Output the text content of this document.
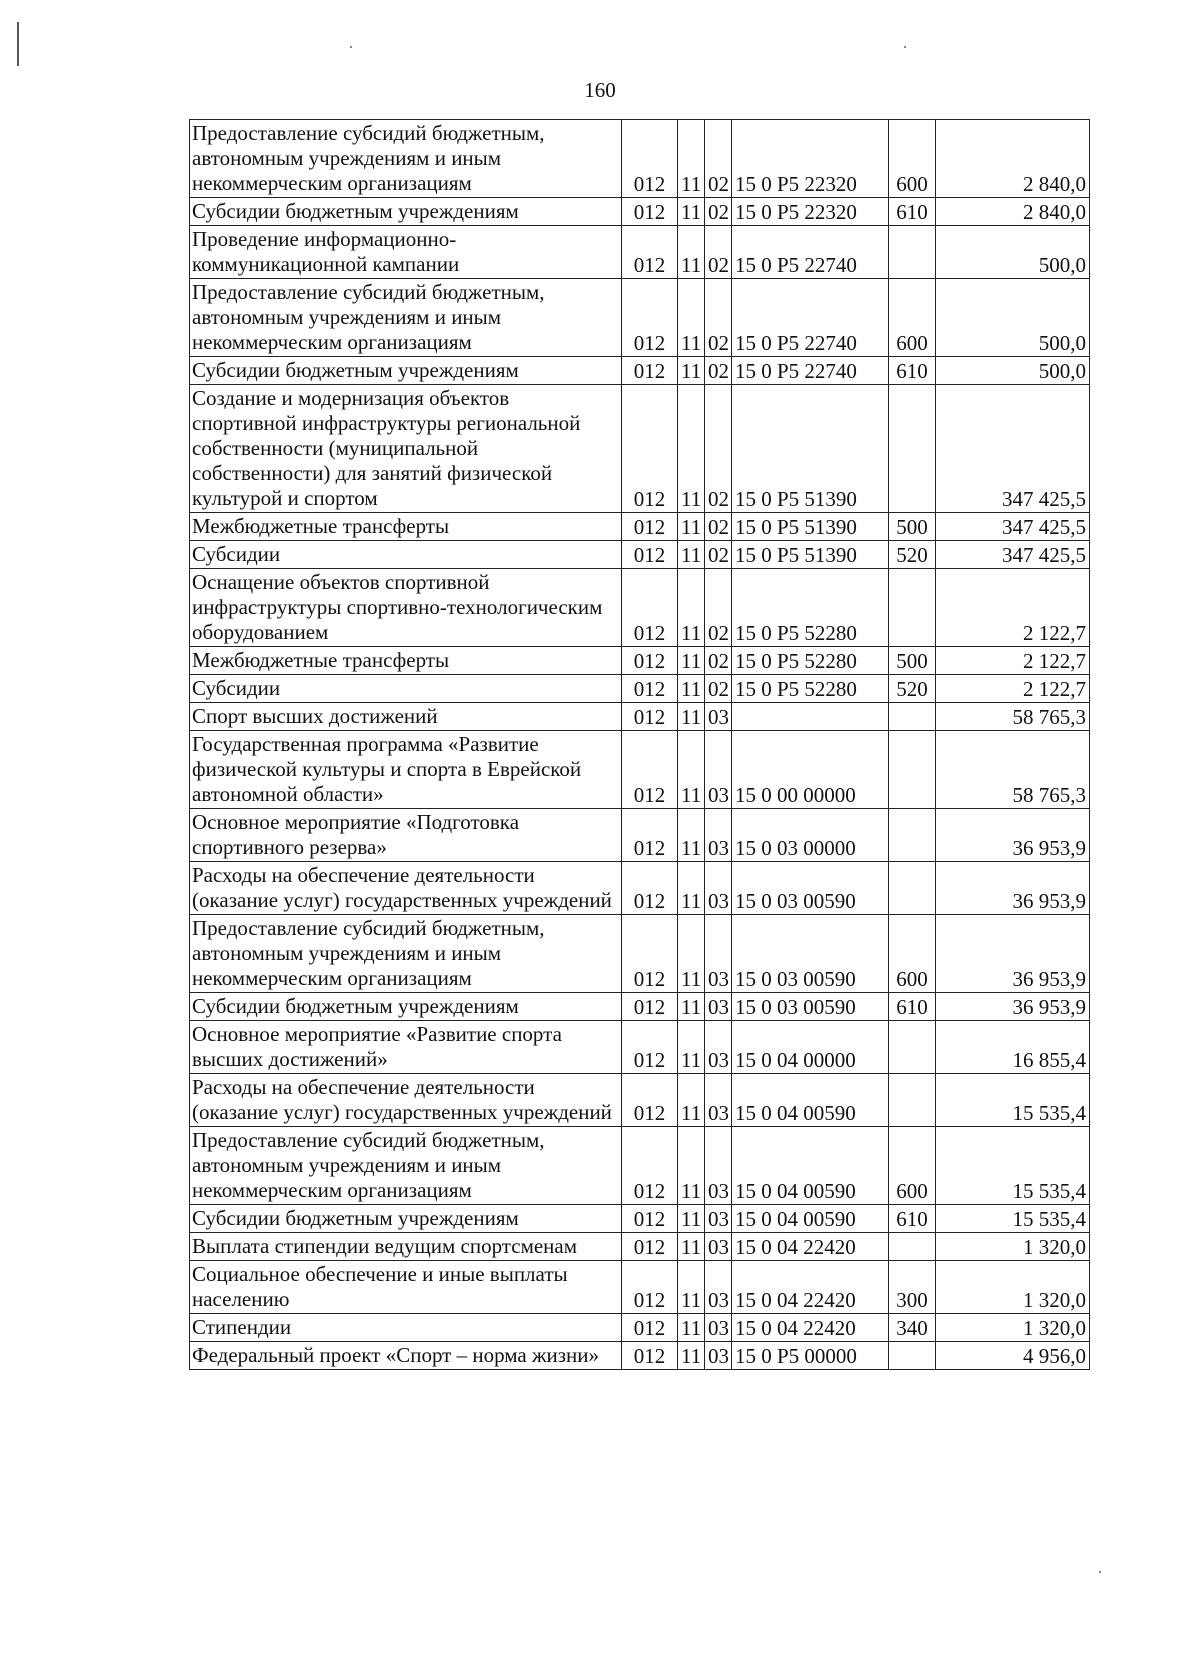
160
Предоставление субсидий бюджетным, автономным учреждениям и иным некоммерческим организациям	012	11	02	15 0 P5 22320	600	2 840,0
Субсидии бюджетным учреждениям	012	11	02	15 0 P5 22320	610	2 840,0
Проведение информационно-коммуникационной кампании	012	11	02	15 0 P5 22740		500,0
Предоставление субсидий бюджетным, автономным учреждениям и иным некоммерческим организациям	012	11	02	15 0 P5 22740	600	500,0
Субсидии бюджетным учреждениям	012	11	02	15 0 P5 22740	610	500,0
Создание и модернизация объектов спортивной инфраструктуры региональной собственности (муниципальной собственности) для занятий физической культурой и спортом	012	11	02	15 0 P5 51390		347 425,5
Межбюджетные трансферты	012	11	02	15 0 P5 51390	500	347 425,5
Субсидии	012	11	02	15 0 P5 51390	520	347 425,5
Оснащение объектов спортивной инфраструктуры спортивно-технологическим оборудованием	012	11	02	15 0 P5 52280		2 122,7
Межбюджетные трансферты	012	11	02	15 0 P5 52280	500	2 122,7
Субсидии	012	11	02	15 0 P5 52280	520	2 122,7
Спорт высших достижений	012	11	03			58 765,3
Государственная программа «Развитие физической культуры и спорта в Еврейской автономной области»	012	11	03	15 0 00 00000		58 765,3
Основное мероприятие «Подготовка спортивного резерва»	012	11	03	15 0 03 00000		36 953,9
Расходы на обеспечение деятельности (оказание услуг) государственных учреждений	012	11	03	15 0 03 00590		36 953,9
Предоставление субсидий бюджетным, автономным учреждениям и иным некоммерческим организациям	012	11	03	15 0 03 00590	600	36 953,9
Субсидии бюджетным учреждениям	012	11	03	15 0 03 00590	610	36 953,9
Основное мероприятие «Развитие спорта высших достижений»	012	11	03	15 0 04 00000		16 855,4
Расходы на обеспечение деятельности (оказание услуг) государственных учреждений	012	11	03	15 0 04 00590		15 535,4
Предоставление субсидий бюджетным, автономным учреждениям и иным некоммерческим организациям	012	11	03	15 0 04 00590	600	15 535,4
Субсидии бюджетным учреждениям	012	11	03	15 0 04 00590	610	15 535,4
Выплата стипендии ведущим спортсменам	012	11	03	15 0 04 22420		1 320,0
Социальное обеспечение и иные выплаты населению	012	11	03	15 0 04 22420	300	1 320,0
Стипендии	012	11	03	15 0 04 22420	340	1 320,0
Федеральный проект «Спорт – норма жизни»	012	11	03	15 0 P5 00000		4 956,0
